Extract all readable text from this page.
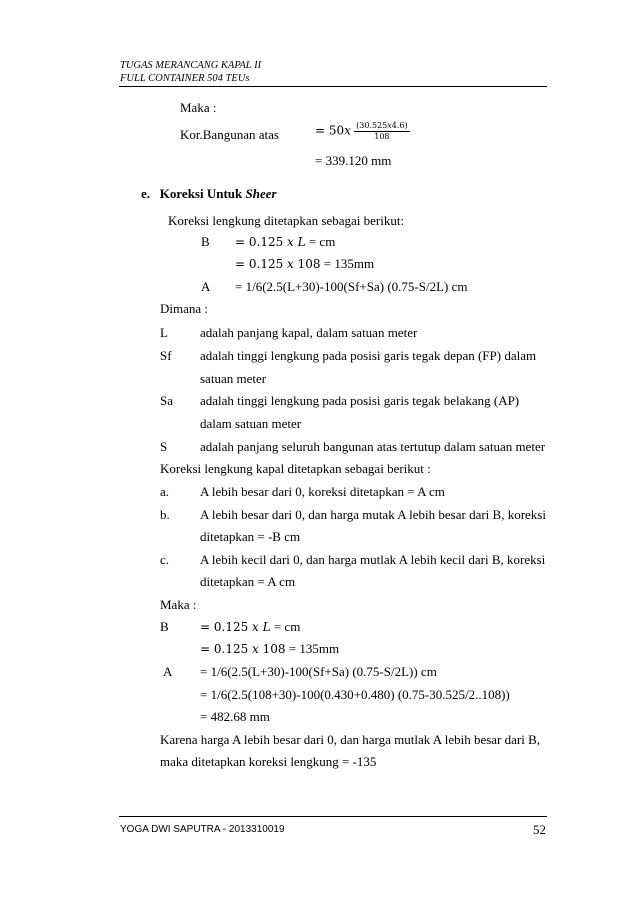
TUGAS MERANCANG KAPAL II
FULL CONTAINER 504 TEUs
Maka :
Kor.Bangunan atas	= 50𝑥 $\frac{\text{(30.525𝑥4.6)}}{108}$
= 339.120 mm
e. Koreksi Untuk Sheer
Koreksi lengkung ditetapkan sebagai berikut:
B = 0.125 𝑥 𝐿 = cm
= 0.125 𝑥 108 = 135mm
A = 1/6(2.5(L+30)-100(Sf+Sa) (0.75-S/2L) cm
Dimana :
L adalah panjang kapal, dalam satuan meter
Sf adalah tinggi lengkung pada posisi garis tegak depan (FP) dalam
satuan meter
Sa adalah tinggi lengkung pada posisi garis tegak belakang (AP)
dalam satuan meter
S	adalah panjang seluruh bangunan atas tertutup dalam satuan meter
Koreksi lengkung kapal ditetapkan sebagai berikut :
a. A lebih besar dari 0, koreksi ditetapkan = A cm
b. A lebih besar dari 0, dan harga mutak A lebih besar dari B, koreksi
ditetapkan = -B cm
c. A lebih kecil dari 0, dan harga mutlak A lebih kecil dari B, koreksi
ditetapkan = A cm
Maka :
B	= 0.125 𝑥 𝐿 = cm
= 0.125 𝑥 108 = 135mm
A = 1/6(2.5(L+30)-100(Sf+Sa) (0.75-S/2L)) cm
= 1/6(2.5(108+30)-100(0.430+0.480) (0.75-30.525/2..108))
= 482.68 mm
Karena harga A lebih besar dari 0, dan harga mutlak A lebih besar dari B,
maka ditetapkan koreksi lengkung = -135
YOGA DWI SAPUTRA - 2013310019	52
